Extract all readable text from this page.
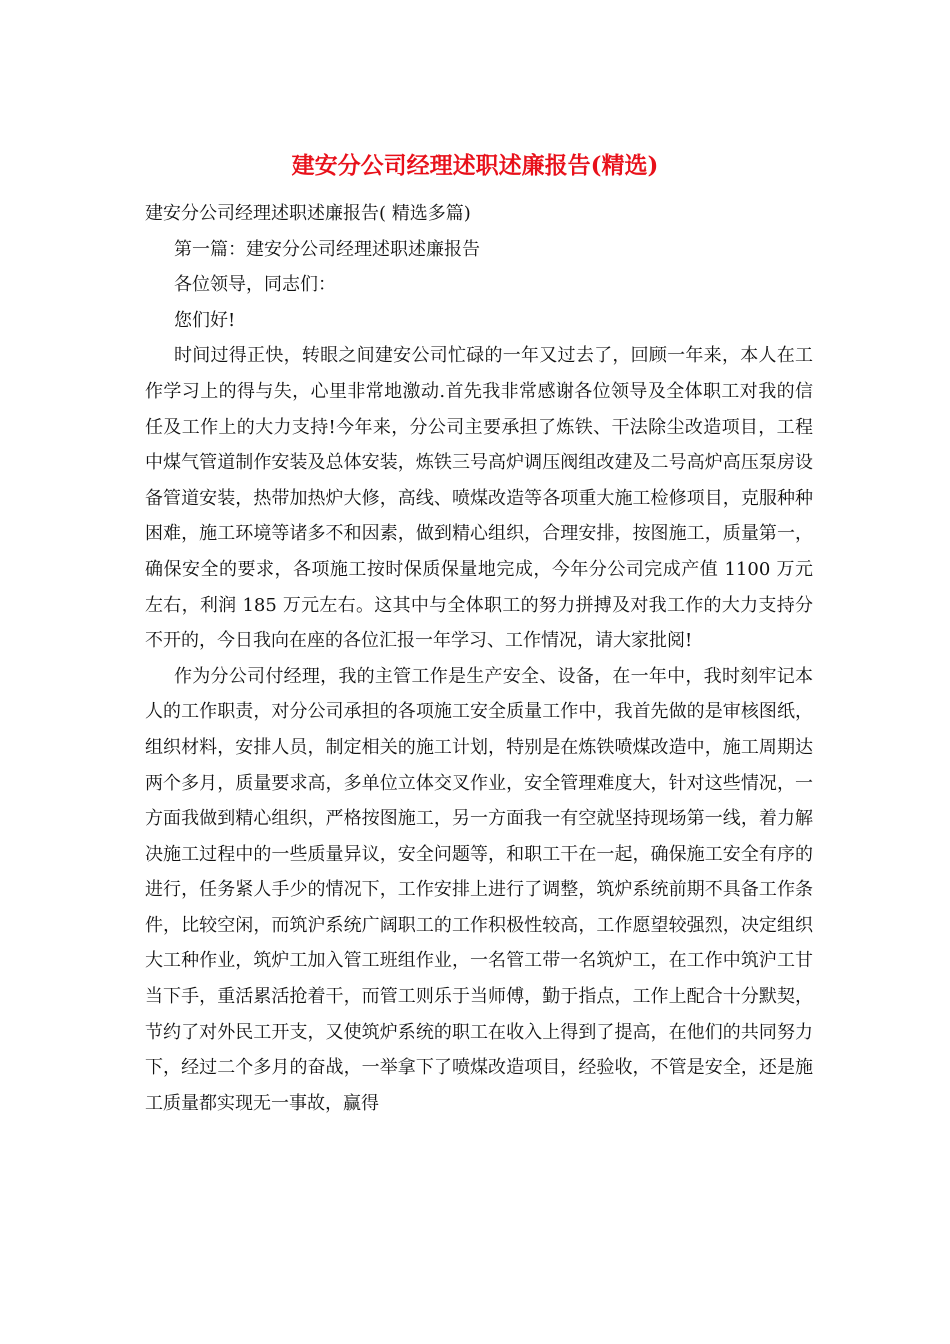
建安分公司经理述职述廉报告(精选)

建安分公司经理述职述廉报告( 精选多篇)

第一篇：建安分公司经理述职述廉报告

各位领导，同志们：

您们好!

时间过得正快，转眼之间建安公司忙碌的一年又过去了，回顾一年来，本人在工作学习上的得与失，心里非常地激动.首先我非常感谢各位领导及全体职工对我的信任及工作上的大力支持!今年来，分公司主要承担了炼铁、干法除尘改造项目，工程中煤气管道制作安装及总体安装，炼铁三号高炉调压阀组改建及二号高炉高压泵房设备管道安装，热带加热炉大修，高线、喷煤改造等各项重大施工检修项目，克服种种困难，施工环境等诸多不和因素，做到精心组织，合理安排，按图施工，质量第一，确保安全的要求，各项施工按时保质保量地完成，今年分公司完成产值 1100 万元左右，利润 185 万元左右。这其中与全体职工的努力拼搏及对我工作的大力支持分不开的，今日我向在座的各位汇报一年学习、工作情况，请大家批阅!

作为分公司付经理，我的主管工作是生产安全、设备，在一年中，我时刻牢记本人的工作职责，对分公司承担的各项施工安全质量工作中，我首先做的是审核图纸，组织材料，安排人员，制定相关的施工计划，特别是在炼铁喷煤改造中，施工周期达两个多月，质量要求高，多单位立体交叉作业，安全管理难度大，针对这些情况，一方面我做到精心组织，严格按图施工，另一方面我一有空就坚持现场第一线，着力解决施工过程中的一些质量异议，安全问题等，和职工干在一起，确保施工安全有序的进行，任务紧人手少的情况下，工作安排上进行了调整，筑炉系统前期不具备工作条件，比较空闲，而筑沪系统广阔职工的工作积极性较高，工作愿望较强烈，决定组织大工种作业，筑炉工加入管工班组作业，一名管工带一名筑炉工，在工作中筑沪工甘当下手，重活累活抢着干，而管工则乐于当师傅，勤于指点，工作上配合十分默契，节约了对外民工开支，又使筑炉系统的职工在收入上得到了提高，在他们的共同努力下，经过二个多月的奋战，一举拿下了喷煤改造项目，经验收，不管是安全，还是施工质量都实现无一事故，赢得
